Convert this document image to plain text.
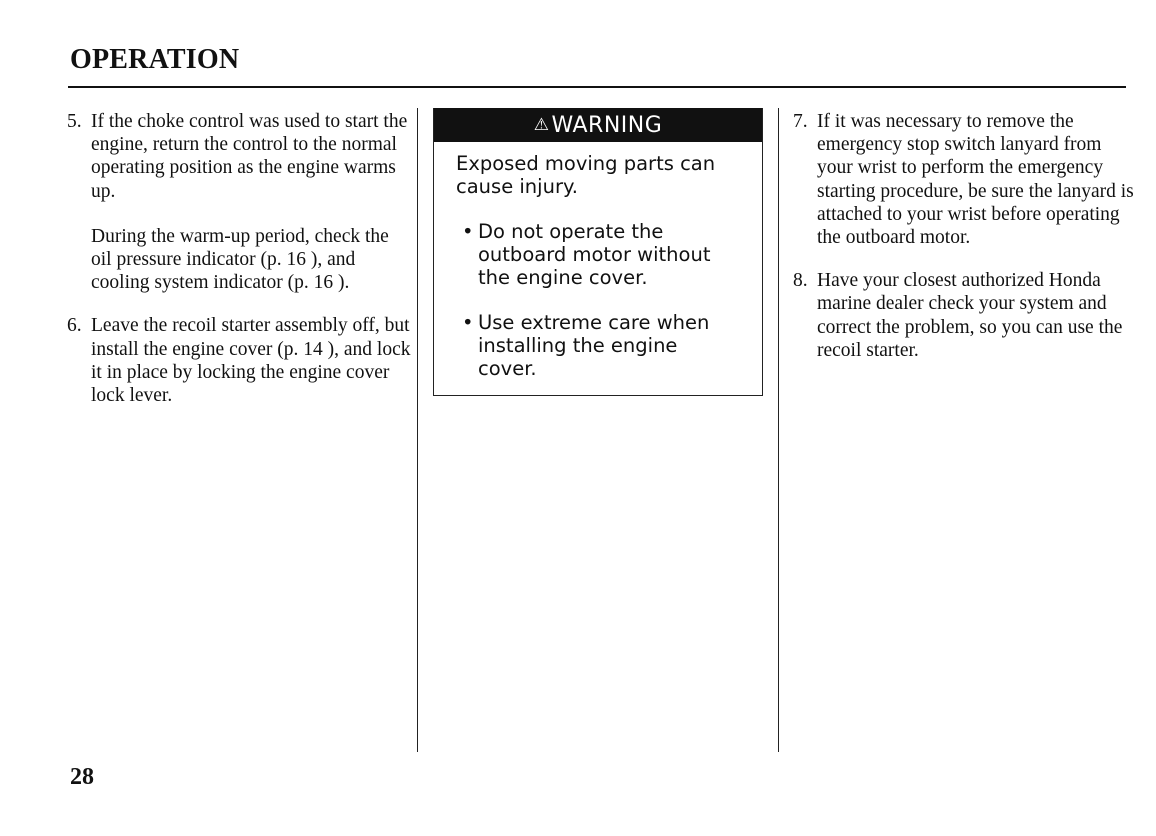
OPERATION
5. If the choke control was used to start the engine, return the control to the normal operating position as the engine warms up.

During the warm-up period, check the oil pressure indicator (p. 16 ), and cooling system indicator (p. 16 ).

6. Leave the recoil starter assembly off, but install the engine cover (p. 14 ), and lock it in place by locking the engine cover lock lever.

⚠ WARNING

Exposed moving parts can cause injury.

• Do not operate the outboard motor without the engine cover.
• Use extreme care when installing the engine cover.
7. If it was necessary to remove the emergency stop switch lanyard from your wrist to perform the emergency starting procedure, be sure the lanyard is attached to your wrist before operating the outboard motor.

8. Have your closest authorized Honda marine dealer check your system and correct the problem, so you can use the recoil starter.

28
